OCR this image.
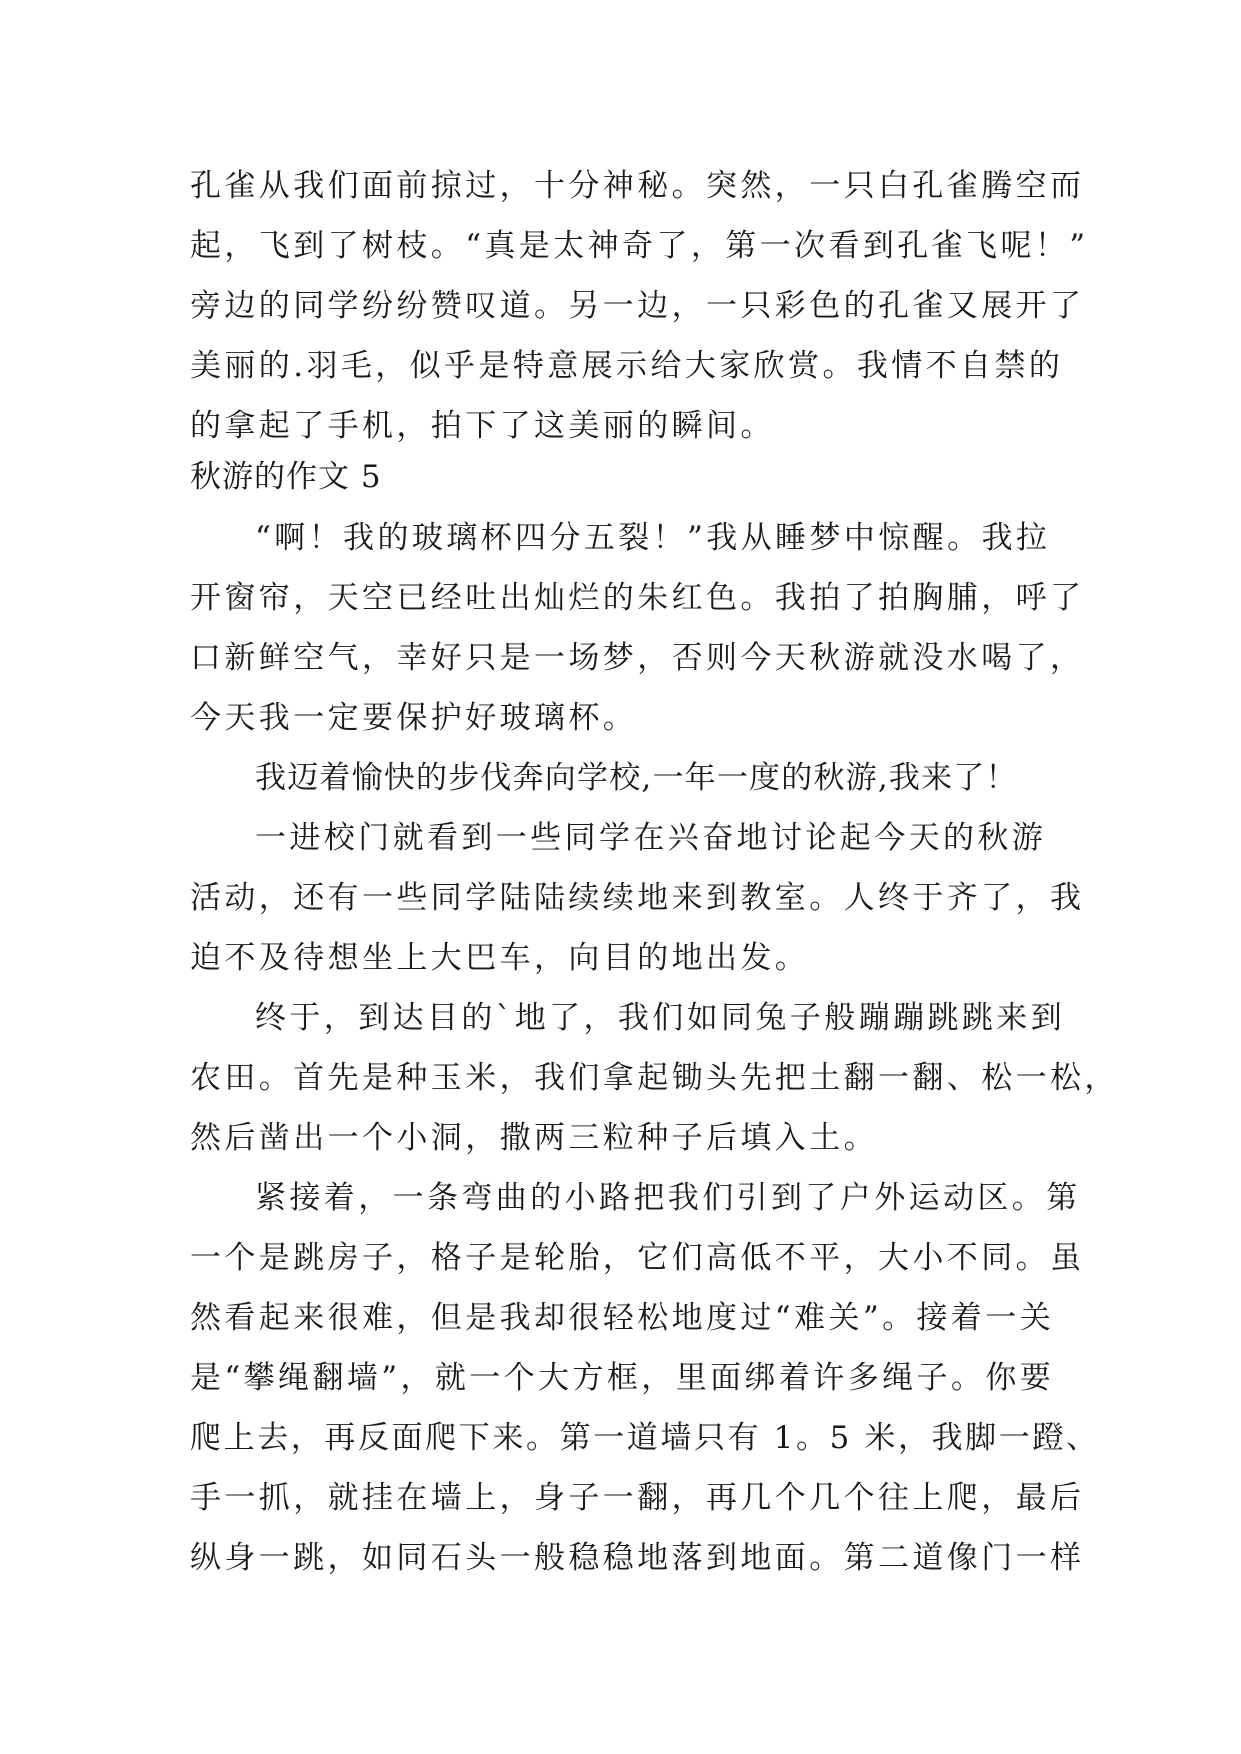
孔雀从我们面前掠过，十分神秘。突然，一只白孔雀腾空而
起，飞到了树枝。“真是太神奇了，第一次看到孔雀飞呢！”
旁边的同学纷纷赞叹道。另一边，一只彩色的孔雀又展开了
美丽的.羽毛，似乎是特意展示给大家欣赏。我情不自禁的
的拿起了手机，拍下了这美丽的瞬间。
秋游的作文 5
“啊！我的玻璃杯四分五裂！”我从睡梦中惊醒。我拉
开窗帘，天空已经吐出灿烂的朱红色。我拍了拍胸脯，呼了
口新鲜空气，幸好只是一场梦，否则今天秋游就没水喝了，
今天我一定要保护好玻璃杯。
我迈着愉快的步伐奔向学校,一年一度的秋游,我来了！
一进校门就看到一些同学在兴奋地讨论起今天的秋游
活动，还有一些同学陆陆续续地来到教室。人终于齐了，我
迫不及待想坐上大巴车，向目的地出发。
终于，到达目的`地了，我们如同兔子般蹦蹦跳跳来到
农田。首先是种玉米，我们拿起锄头先把土翻一翻、松一松，
然后凿出一个小洞，撒两三粒种子后填入土。
紧接着，一条弯曲的小路把我们引到了户外运动区。第
一个是跳房子，格子是轮胎，它们高低不平，大小不同。虽
然看起来很难，但是我却很轻松地度过“难关”。接着一关
是“攀绳翻墙”，就一个大方框，里面绑着许多绳子。你要
爬上去，再反面爬下来。第一道墙只有 1。5 米，我脚一蹬、
手一抓，就挂在墙上，身子一翻，再几个几个往上爬，最后
纵身一跳，如同石头一般稳稳地落到地面。第二道像门一样
